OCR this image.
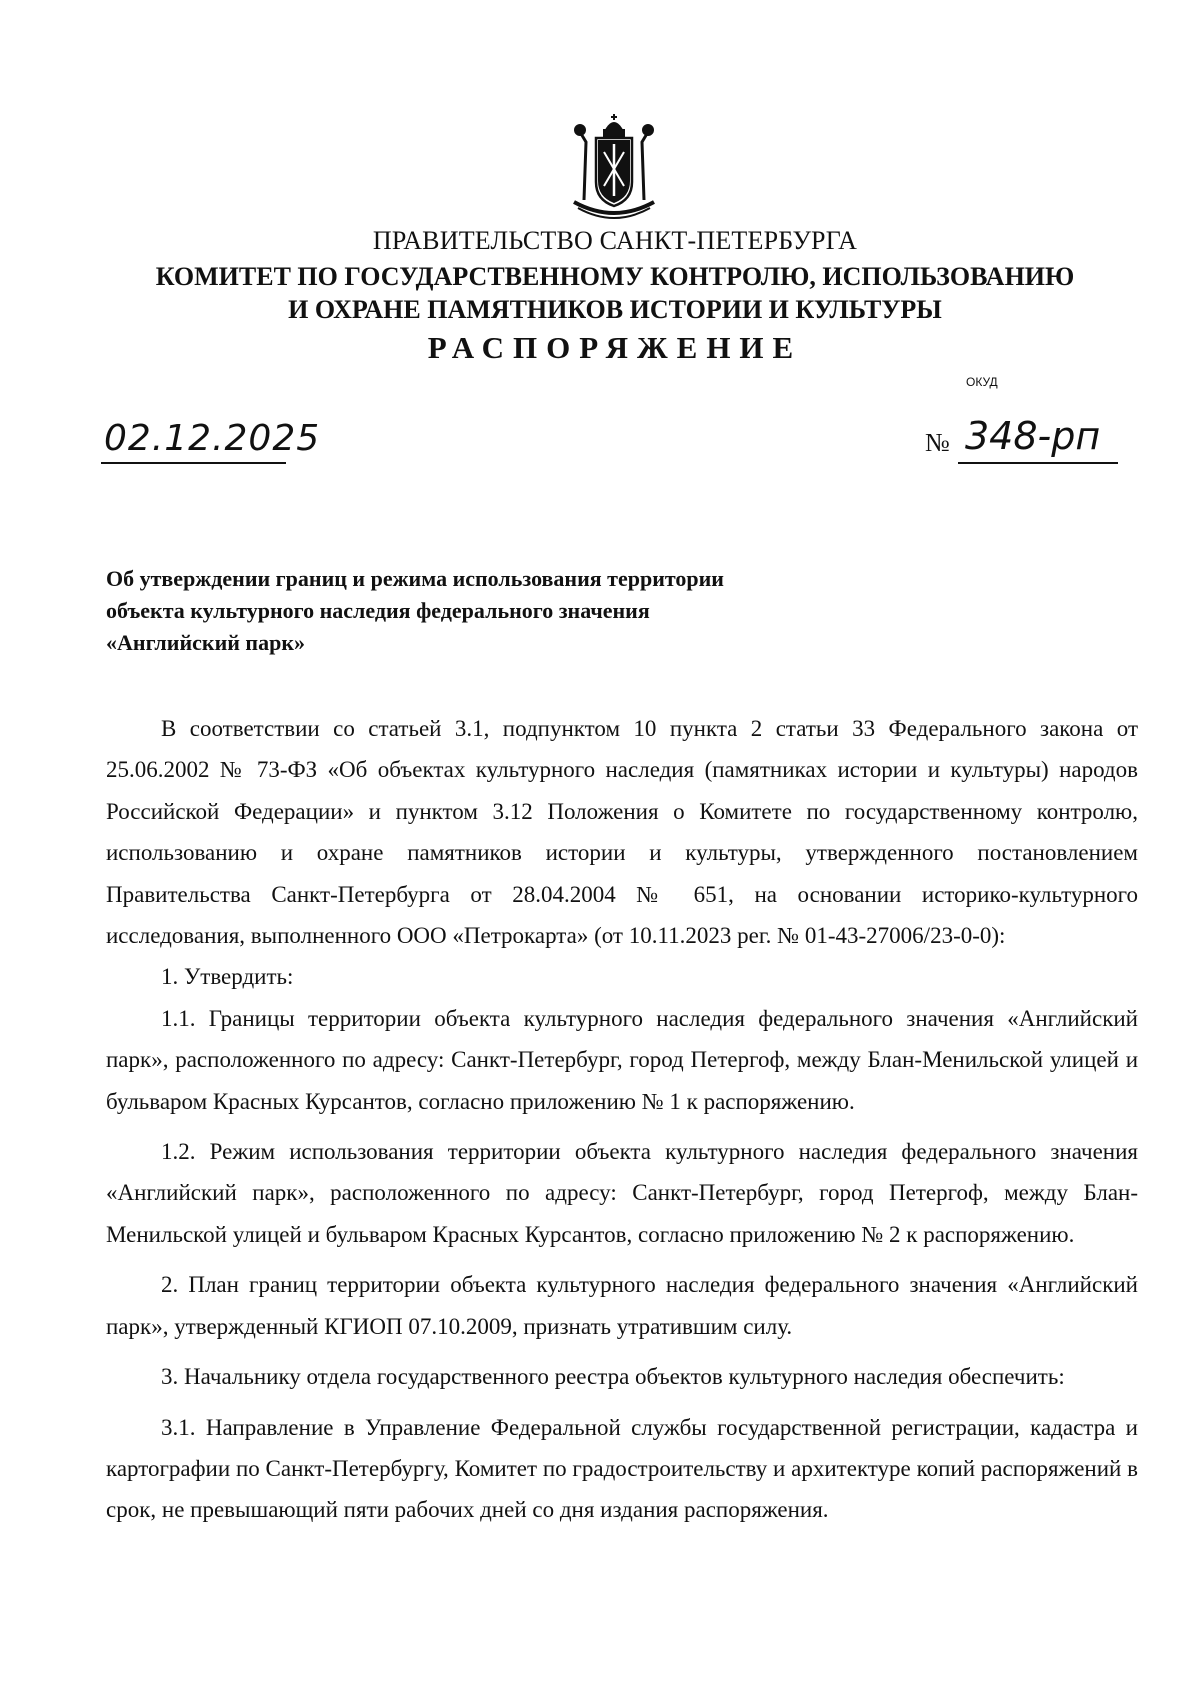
ПРАВИТЕЛЬСТВО САНКТ-ПЕТЕРБУРГА
КОМИТЕТ ПО ГОСУДАРСТВЕННОМУ КОНТРОЛЮ, ИСПОЛЬЗОВАНИЮ
И ОХРАНЕ ПАМЯТНИКОВ ИСТОРИИ И КУЛЬТУРЫ
РАСПОРЯЖЕНИЕ
ОКУД
02.12.2025	№ 348-рп
Об утверждении границ и режима использования территории
объекта культурного наследия федерального значения
«Английский парк»

В соответствии со статьей 3.1, подпунктом 10 пункта 2 статьи 33 Федерального закона от 25.06.2002 № 73-ФЗ «Об объектах культурного наследия (памятниках истории и культуры) народов Российской Федерации» и пунктом 3.12 Положения о Комитете по государственному контролю, использованию и охране памятников истории и культуры, утвержденного постановлением Правительства Санкт-Петербурга от 28.04.2004 № 651, на основании историко-культурного исследования, выполненного ООО «Петрокарта» (от 10.11.2023 рег. № 01-43-27006/23-0-0):

1. Утвердить:

1.1. Границы территории объекта культурного наследия федерального значения «Английский парк», расположенного по адресу: Санкт-Петербург, город Петергоф, между Блан-Менильской улицей и бульваром Красных Курсантов, согласно приложению № 1 к распоряжению.

1.2. Режим использования территории объекта культурного наследия федерального значения «Английский парк», расположенного по адресу: Санкт-Петербург, город Петергоф, между Блан-Менильской улицей и бульваром Красных Курсантов, согласно приложению № 2 к распоряжению.

2. План границ территории объекта культурного наследия федерального значения «Английский парк», утвержденный КГИОП 07.10.2009, признать утратившим силу.

3. Начальнику отдела государственного реестра объектов культурного наследия обеспечить:

3.1. Направление в Управление Федеральной службы государственной регистрации, кадастра и картографии по Санкт-Петербургу, Комитет по градостроительству и архитектуре копий распоряжений в срок, не превышающий пяти рабочих дней со дня издания распоряжения.
